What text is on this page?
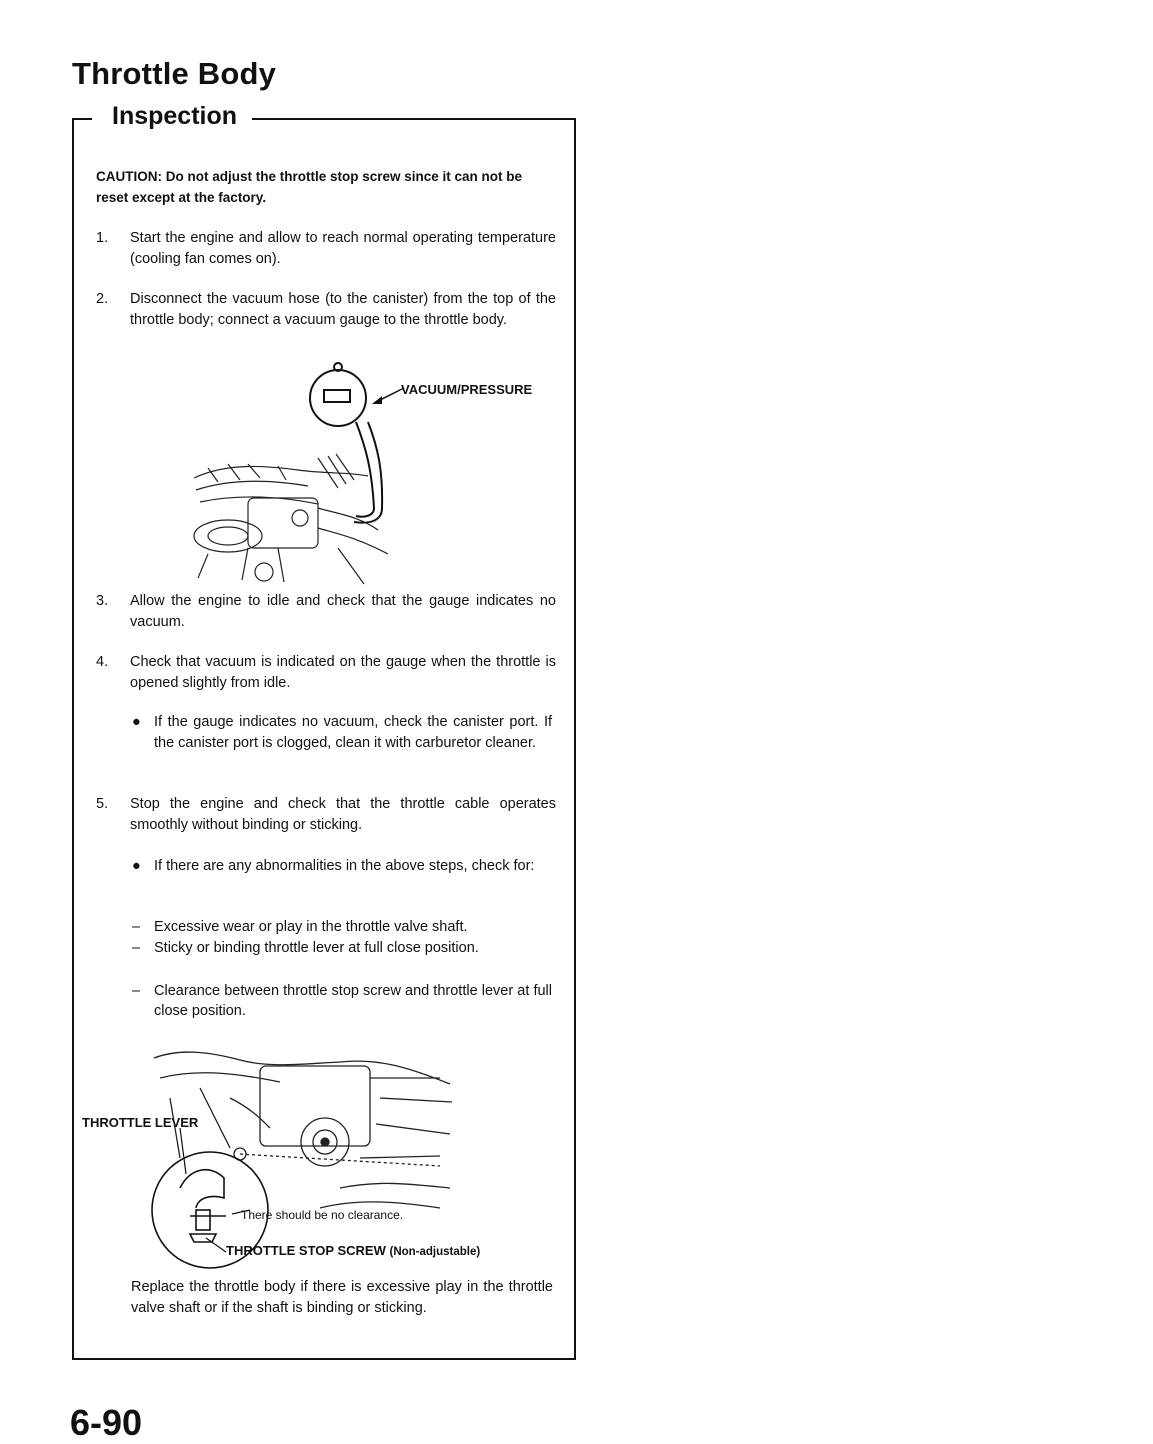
Throttle Body
Inspection
CAUTION: Do not adjust the throttle stop screw since it can not be reset except at the factory.
1.	Start the engine and allow to reach normal operating temperature (cooling fan comes on).
2.	Disconnect the vacuum hose (to the canister) from the top of the throttle body; connect a vacuum gauge to the throttle body.
VACUUM/PRESSURE
3.	Allow the engine to idle and check that the gauge indicates no vacuum.
4.	Check that vacuum is indicated on the gauge when the throttle is opened slightly from idle.
● If the gauge indicates no vacuum, check the canister port. If the canister port is clogged, clean it with carburetor cleaner.
5.	Stop the engine and check that the throttle cable operates smoothly without binding or sticking.
● If there are any abnormalities in the above steps, check for:
– Excessive wear or play in the throttle valve shaft.
– Sticky or binding throttle lever at full close position.
– Clearance between throttle stop screw and throttle lever at full close position.
THROTTLE LEVER
There should be no clearance.
THROTTLE STOP SCREW (Non-adjustable)
Replace the throttle body if there is excessive play in the throttle valve shaft or if the shaft is binding or sticking.
6-90
